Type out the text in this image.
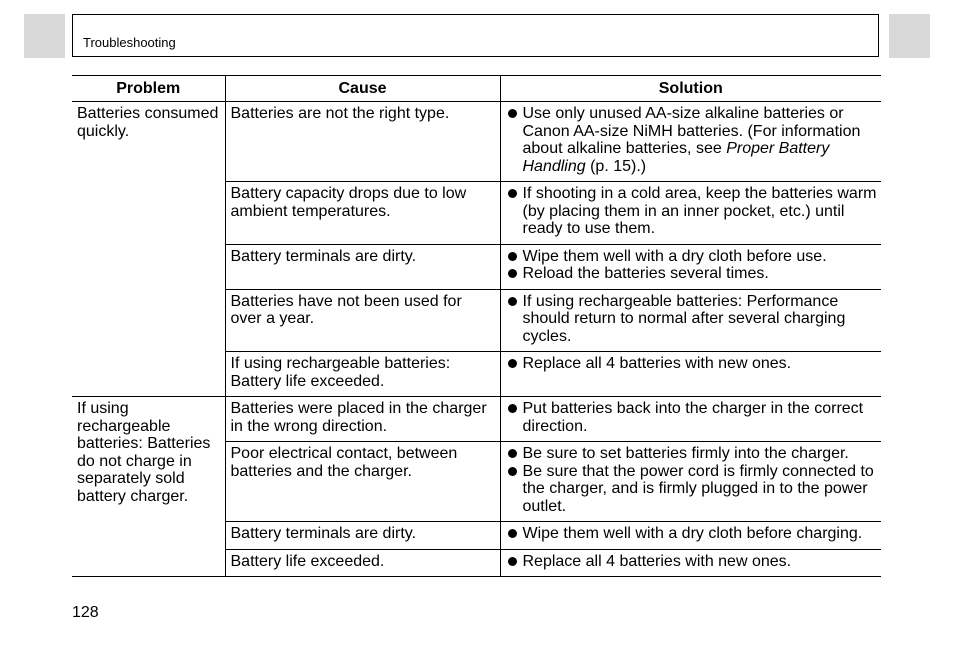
Troubleshooting
Problem	Cause	Solution
Batteries consumed quickly.	Batteries are not the right type.	Use only unused AA-size alkaline batteries or Canon AA-size NiMH batteries. (For information about alkaline batteries, see Proper Battery Handling (p. 15).)

	Battery capacity drops due to low ambient temperatures.	If shooting in a cold area, keep the batteries warm (by placing them in an inner pocket, etc.) until ready to use them.

	Battery terminals are dirty.	Wipe them well with a dry cloth before use.
Reload the batteries several times.

	Batteries have not been used for over a year.	If using rechargeable batteries: Performance should return to normal after several charging cycles.

	If using rechargeable batteries: Battery life exceeded.	Replace all 4 batteries with new ones.

If using rechargeable batteries: Batteries do not charge in separately sold battery charger.	Batteries were placed in the charger in the wrong direction.	Put batteries back into the charger in the correct direction.

	Poor electrical contact, between batteries and the charger.	Be sure to set batteries firmly into the charger.
Be sure that the power cord is firmly connected to the charger, and is firmly plugged in to the power outlet.

	Battery terminals are dirty.	Wipe them well with a dry cloth before charging.

	Battery life exceeded.	Replace all 4 batteries with new ones.
128
